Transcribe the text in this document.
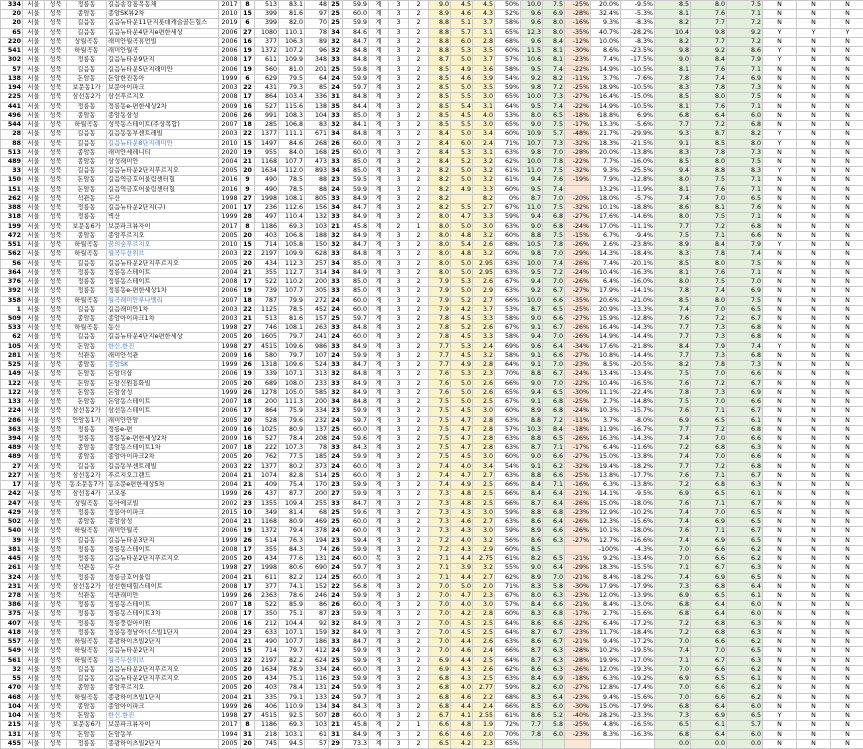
334	서울	성북	정릉동	길음송강홍복동채	2017	8	513	83.1	48	25	59.9	계	3	2	9.0	4.5	4.5	50%	10.0	7.5	-25%	20.0%	-9.5%	8.5	8.0	7.5	N	N	N
20	서울	성북	종암동	종암SK뷰2차	2010	15	399	81.6	97	25	60.0	계	3	2	8.9	4.6	4.3	52%	9.6	6.9	-28%	32.4%	-5.3%	8.1	7.6	7.1	N	N	N
20	서울	성북	길음동	길음뉴타운11단지롯데캐슬골든힐스	2019	6	399	82.0	70	25	59.9	계	3	2	8.8	5.1	3.7	58%	9.6	8.0	-16%	9.3%	-8.3%	8.2	7.7	7.2	N	N	N
65	서울	성북	길음동	길음뉴타운4단지e편한세상	2006	27	1080	110.1	78	34	84.6	계	3	2	8.8	5.7	3.1	65%	12.3	8.0	-35%	40.7%	-28.2%	10.4	9.8	9.2	Y	Y	Y
220	서울	성북	상월곡동	래미안월곡휴먼빌	2006	16	377	106.3	89	32	84.7	계	3	2	8.8	6.0	2.8	68%	9.6	8.4	-12%	10.0%	-8.3%	8.2	7.7	7.2	N	N	N
541	서울	성북	하월곡동	래미안월곡	2006	19	1372	107.2	96	32	84.8	계	3	2	8.8	5.3	3.5	60%	11.5	8.1	-30%	8.6%	-23.5%	9.8	9.2	8.6	Y	N	N
302	서울	성북	정릉동	길음뉴타운9단지	2008	17	611	109.9	348	33	84.8	계	3	2	8.7	5.0	3.7	57%	10.6	8.1	-23%	7.4%	-17.5%	9.0	8.4	7.9	Y	N	N
57	서울	성북	길음동	길음뉴타운5단지래미안	2006	19	560	81.0	201	25	59.8	계	3	2	8.5	4.9	3.6	58%	9.5	7.4	-22%	14.9%	-10.5%	8.1	7.6	7.1	N	N	N
138	서울	성북	돈암동	돈암한진동아	1999	6	629	79.5	64	24	59.9	계	3	2	8.5	4.6	3.9	54%	9.2	8.2	-11%	3.7%	-7.6%	7.8	7.4	6.9	N	N	N
194	서울	성북	보문동1가	보문아이파크	2003	22	431	79.3	85	24	59.7	계	3	2	8.5	5.0	3.5	59%	9.8	7.2	-25%	18.9%	-10.5%	8.3	7.8	7.3	N	N	N
225	서울	성북	삼선동2가	삼선푸르지오	2008	17	864	103.4	336	31	84.8	계	3	2	8.5	5.5	3.0	65%	10.0	7.3	-27%	16.4%	-15.0%	8.5	8.0	7.5	N	N	N
441	서울	성북	정릉동	정릉동e-편한세상2차	2009	16	527	115.6	138	35	84.4	계	3	2	8.5	5.4	3.1	64%	9.5	7.4	-22%	14.9%	-10.5%	8.1	7.6	7.1	N	N	N
496	서울	성북	종암동	종암동삼성	2006	26	991	108.3	104	33	85.0	계	3	2	8.5	4.5	4.0	53%	8.0	6.5	-18%	18.8%	6.9%	6.8	6.4	6.0	N	N	N
544	서울	성북	하월곡동	성북동스테이트(주상복합)	2007	18	285	106.8	83	32	84.1	계	3	2	8.5	5.5	3.0	65%	9.0	7.5	-17%	13.3%	-5.6%	7.7	7.2	6.8	N	N	N
28	서울	성북	길음동	길음동동부센트레빌	2003	22	1377	111.1	671	34	84.8	계	3	2	8.4	5.0	3.4	60%	10.9	5.7	-48%	21.7%	-29.9%	9.3	8.7	8.2	Y	N	N
88	서울	성북	길음동	길음뉴타운8단지래미안	2010	15	1497	84.6	268	26	60.0	계	3	2	8.4	6.0	2.4	71%	10.7	7.3	-32%	18.3%	-21.5%	9.1	8.5	8.0	Y	N	N
513	서울	성북	종암동	래미안세레니티	2020	19	955	84.0	168	25	60.0	계	3	2	8.4	5.3	3.1	63%	9.8	7.0	-28%	20.0%	-13.8%	8.3	7.8	7.3	N	N	N
489	서울	성북	종암동	삼성래미안	2004	21	1168	107.7	473	33	85.0	계	3	2	8.4	5.2	3.2	62%	10.0	7.8	-22%	7.7%	-16.0%	8.5	8.0	7.5	N	N	N
33	서울	성북	길음동	길음뉴타운2단지푸르지오	2005	20	1634	112.0	893	34	85.0	계	3	2	8.2	5.0	3.2	61%	11.0	7.5	-32%	9.3%	-25.5%	9.4	8.8	8.3	Y	N	N
150	서울	성북	돈암동	길음역금호어울림센터힐	2016	9	490	78.5	88	23	59.5	계	3	2	8.2	5.0	3.2	61%	9.4	7.6	-19%	7.9%	-12.8%	8.0	7.5	7.1	N	N	N
151	서울	성북	돈암동	길음역금호어울림센터힐	2016	9	490	78.5	88	24	59.9	계	3	2	8.2	4.9	3.3	60%	9.5	7.4		13.2%	-11.9%	8.1	7.6	7.1	N	N	N
262	서울	성북	석관동	두산	1998	27	1998	108.1	805	33	84.9	계	3	2	8.2		8.2	0%	8.7	7.0	-20%	18.0%	-5.7%	7.4	7.0	6.5	N	N	N
388	서울	성북	정릉동	길음뉴타운2단지(구)	2001	17	236	112.6	156	34	84.7	계	3	2	8.2	5.5	2.7	67%	11.0	7.5	-32%	10.1%	-18.8%	8.6	8.1	7.6	N	N	N
318	서울	성북	정릉동	벽산	1999	28	497	110.4	132	33	84.9	계	3	2	8.0	4.7	3.3	59%	9.4	6.8	-27%	17.6%	-14.6%	8.0	7.5	7.1	N	N	N
199	서울	성북	보문동6가	보문파크뷰자이	2017	8	1186	69.3	103	21	45.8	계	2	1	8.0	5.0	3.0	63%	9.0	6.8	-24%	17.0%	-11.1%	7.7	7.2	6.8	N	N	N
472	서울	성북	종암동	종암푸르지오	2005	20	403	106.8	188	32	84.9	계	3	2	8.0	4.8	3.2	60%	8.8	7.5	-15%	6.7%	-9.4%	7.5	7.1	6.6	N	N	N
551	서울	성북	하월곡동	꿈의숲푸르지오	2010	15	714	105.8	150	32	84.7	계	3	2	8.0	5.4	2.6	68%	10.5	7.8	-26%	2.6%	-23.8%	8.9	8.4	7.9	Y	N	N
562	서울	성북	하월곡동	월곡두산위브	2003	22	2197	109.9	628	33	84.8	계	3	2	8.0	4.8	3.2	60%	9.8	7.0	-29%	14.3%	-18.4%	8.3	7.8	7.4	N	N	N
56	서울	성북	길음동	길음뉴타운2단지푸르지오	2005	20	434	112.3	257	34	85.0	계	3	2	8.0	5.0	2.95	63%	10.0	7.4	-26%	7.4%	-20.1%	8.5	8.0	7.5	N	N	N
364	서울	성북	정릉동	정릉동스테이트	2004	21	355	112.7	314	34	84.9	계	3	2	8.0	5.0	2.95	63%	9.5	7.2	-24%	10.4%	-16.3%	8.1	7.6	7.1	N	N	N
376	서울	성북	정릉동	정릉동스테이트	2008	17	522	110.2	200	33	85.0	계	3	2	7.9	5.3	2.6	67%	9.4	7.0	-26%	6.4%	-16.0%	8.0	7.5	7.0	N	N	N
392	서울	성북	정릉동	정릉동e-편한세상1차	2006	19	739	107.7	305	33	85.0	계	3	2	7.9	5.0	2.9	63%	9.2	6.7	-27%	17.9%	-14.1%	7.8	7.4	6.9	N	N	N
358	서울	성북	하월곡동	월곡래미안루나밸리	2007	18	787	79.9	272	24	60.0	계	3	2	7.9	5.2	2.7	66%	10.0	6.6	-35%	20.6%	-21.0%	8.5	8.0	7.5	N	N	N
1	서울	성북	길음동	길음래미안1차	2003	22	1125	78.5	452	24	60.0	계	3	2	7.9	4.2	3.7	53%	8.7	6.5	-25%	20.9%	-13.3%	7.4	7.0	6.5	N	N	N
509	서울	성북	종암동	종암아이파크1차	2003	21	513	81.6	157	25	59.7	계	3	2	7.8	4.5	3.3	58%	9.0	6.6	-27%	15.9%	-12.8%	7.6	7.2	6.7	N	N	N
533	서울	성북	하월곡동	동신	1998	27	746	108.1	263	33	84.8	계	3	2	7.8	5.2	2.6	67%	9.1	6.7	-26%	16.4%	-14.3%	7.7	7.3	6.8	N	N	N
62	서울	성북	길음동	길음뉴타운4단지e편한세상	2005	20	1605	79.7	241	24	60.0	계	3	2	7.8	4.5	3.3	58%	9.4	7.0	-26%	14.9%	-14.4%	7.7	7.3	6.8	N	N	N
105	서울	성북	돈암동	한신.한진	1998	27	4515	109.6	986	33	84.9	계	3	2	7.7	5.3	2.4	69%	9.6	6.4	-34%	17.6%	-21.8%	8.4	7.9	7.4	Y	N	N
281	서울	성북	석관동	래미안석관	2009	16	580	79.7	107	24	59.9	계	3	2	7.7	4.5	3.2	58%	9.1	6.6	-27%	10.8%	-14.4%	7.7	7.3	6.8	N	N	N
525	서울	성북	종암동	종암SK	1999	26	1318	109.6	524	33	84.7	계	3	2	7.7	4.9	2.8	64%	9.1	7.0	-23%	8.5%	-20.5%	8.2	7.8	7.3	N	N	N
149	서울	성북	돈암동	돈암더샵	2006	19	339	107.1	313	32	84.8	계	3	2	7.6	5.3	2.3	70%	8.8	6.7	-24%	13.4%	-13.4%	7.5	7.0	6.6	N	N	N
122	서울	성북	돈암동	돈암신원흥화빌	2005	20	689	108.0	233	33	84.9	계	3	2	7.6	5.0	2.6	66%	9.0	7.0	-22%	10.4%	-16.5%	7.6	7.2	6.7	N	N	N
122	서울	성북	돈암동	돈암삼성	1999	26	1278	105.0	585	32	84.9	계	3	2	7.6	5.0	2.6	65%	9.4	6.5	-30%	11.1%	-22.4%	7.8	7.3	6.9	N	N	N
133	서울	성북	돈암동	돈암동스테이트	2007	18	200	111.3	200	34	84.8	계	3	2	7.5	5.0	2.5	67%	9.1	6.8	-25%	2.7%	-14.8%	7.5	7.0	6.6	N	N	N
224	서울	성북	삼선동2가	삼선동스테이트	2006	17	864	75.9	334	23	59.9	계	3	2	7.5	4.5	3.0	60%	8.9	6.8	-24%	10.3%	-15.7%	7.6	7.1	6.7	N	N	N
286	서울	성북	안암동1가	래미안안암	2005	20	528	79.6	232	24	59.7	계	3	2	7.5	4.7	2.8	63%	8.8	7.2	-11%	3.7%	-8.0%	6.9	6.5	6.1	N	N	N
363	서울	성북	정릉동	정릉e-편	2009	16	1025	80.9	137	25	60.0	계	3	2	7.5	4.7	2.8	57%	10.3	8.4	-18%	11.9%	-16.7%	7.7	7.2	6.8	N	N	N
394	서울	성북	정릉동	정릉동e-편한세상2차	2009	16	527	78.4	208	24	59.6	계	3	2	7.5	4.7	2.8	63%	8.8	6.5	-26%	16.3%	-14.3%	7.4	7.0	6.6	N	N	N
489	서울	성북	종암동	종암동스테이트1차	2007	18	222	107.3	78	33	84.3	계	3	2	7.5	4.7	2.8	63%	8.7	7.1	-17%	6.4%	-11.6%	7.2	6.8	6.3	N	N	N
489	서울	성북	종암동	종암아이파크2차	2005	20	762	77.5	185	24	59.9	계	3	2	7.5	4.5	3.0	60%	9.0	6.6	-27%	15.0%	-13.8%	7.4	7.0	6.6	N	N	N
27	서울	성북	길음동	길음동부센트레빌	2003	22	1377	80.2	373	24	60.0	계	3	2	7.4	4.0	3.4	54%	9.1	6.2	-32%	19.4%	-18.2%	7.7	7.2	6.8	N	N	N
227	서울	성북	삼선동2가	푸르지오그랜드	2004	21	1074	82.8	514	25	60.0	계	3	2	7.4	4.7	2.7	63%	8.8	6.6	-25%	13.8%	-17.7%	7.6	7.1	6.7	N	N	N
17	서울	성북	동소문동7가	동소문e편한세상5차	2004	21	409	75.4	170	23	59.9	계	3	2	7.4	4.9	2.5	66%	8.4	7.1	-16%	6.3%	-13.8%	7.2	6.8	6.3	N	N	N
242	서울	성북	삼선동4가	코오롱	1999	26	437	87.7	200	27	59.9	계	3	2	7.3	4.8	2.5	66%	8.4	6.4	-21%	14.1%	-9.5%	6.9	6.5	6.1	N	N	N
247	서울	성북	상월곡동	동아에코빌	2002	23	1355	109.4	255	33	84.7	계	3	2	7.3	4.8	2.5	66%	8.7	6.4	-26%	15.0%	-18.0%	7.6	7.1	6.7	N	N	N
429	서울	성북	정릉동	정릉아이파크	2015	10	349	81.4	68	25	59.6	계	3	2	7.3	4.3	3.0	59%	8.8	6.8	-23%	12.9%	-10.2%	7.4	7.0	6.5	N	N	N
502	서울	성북	종암동	종암삼성	2004	21	1168	80.9	469	25	60.0	계	3	2	7.3	4.6	2.7	63%	8.6	6.4	-26%	12.3%	-15.6%	7.4	6.9	6.5	N	N	N
540	서울	성북	하월곡동	래미안월곡	2006	19	1372	79.4	378	24	60.0	계	3	2	7.3	4.3	3.0	59%	8.9	6.6	-26%	10.1%	-18.0%	7.6	7.1	6.7	N	N	N
39	서울	성북	길음동	길음뉴타운3단지	1999	26	514	76.3	194	23	59.4	계	3	2	7.2	4.0	3.2	56%	8.6	6.3	-27%	12.7%	-16.6%	7.4	6.9	6.5	N	N	N
381	서울	성북	정릉동	정릉동스테이트	2008	17	355	84.3	74	26	59.9	계	3	2	7.2	4.3	2.9	60%	8.5			-100%	-4.3%	7.0	6.6	6.2	N	N	N
445	서울	성북	정릉동	길음뉴타운2단지푸르지오	2005	20	434	77.6	131	24	60.0	복	3	2	7.1	4.4	2.75	61%	8.2	6.5	-21%	9.2%	-13.4%	7.0	6.6	6.2	N	N	N
261	서울	성북	석관동	두산	1998	27	1998	80.6	690	24	59.7	계	3	2	7.1	3.9	3.2	55%	9.0	6.4	-29%	18.3%	-15.5%	7.1	6.7	6.3	N	N	N
324	서울	성북	정릉동	정릉금호어울림	2004	21	611	82.2	124	25	60.0	계	3	2	7.1	4.4	2.7	62%	8.9	7.0	-21%	8.4%	-18.2%	7.4	6.9	6.5	N	N	N
231	서울	성북	삼선동2가	삼선현대힐스테이트	2008	17	377	74.1	152	22	56.8	계	3	2	7.0	5.0	2.0	71%	8.3	5.8	-30%	17.9%	-17.9%	7.3	6.8	6.4	N	N	N
278	서울	성북	석관동	석관래미안	1999	26	2363	78.6	246	24	59.9	계	3	2	7.0	4.7	2.3	67%	8.0	6.3	-23%	12.0%	-13.9%	6.9	6.5	6.1	N	N	N
386	서울	성북	정릉동	정릉동스테이트	2007	18	522	85.9	86	26	60.0	계	3	2	7.0	4.0	3.0	57%	8.4	6.6	-21%	8.4%	-13.0%	6.8	6.4	6.0	N	N	N
375	서울	성북	정릉동	정릉동스테이트3차	2008	17	350	75.1	87	23	59.9	계	3	2	7.0	4.2	2.8	60%	8.3	6.8	-17%	2.7%	-15.6%	6.8	6.4	6.0	N	N	N
407	서울	성북	정릉동	정릉풍림아이원	2006	16	212	104.4	92	32	84.9	계	3	2	7.0	4.5	2.5	64%	8.6	6.6	-22%	6.4%	-17.2%	7.2	6.8	6.3	N	N	N
418	서울	성북	정릉동	정릉동경남아너스빌1단지	2004	23	633	107.1	159	32	84.9	계	3	2	7.0	4.5	2.5	64%	8.7	6.7	-23%	11.7%	-18.4%	7.2	6.8	6.3	N	N	N
557	서울	성북	하월곡동	종광하이츠빌2단지	2004	21	490	107.7	186	33	84.7	계	3	2	7.0	4.4	2.6	63%	8.6	6.7	-21%	9.4%	-17.2%	7.0	6.6	6.2	N	N	N
549	서울	성북	하월곡동	길음뉴타운2단지	2005	15	714	79.7	412	24	59.9	계	3	2	7.0	4.6	2.4	66%	8.7	6.3	-28%	10.2%	-19.5%	7.4	7.0	6.5	N	N	N
561	서울	성북	하월곡동	월곡두산위브	2003	22	2197	82.2	624	25	59.9	계	3	2	6.9	4.4	2.5	64%	8.7	6.3	-28%	19.9%	-17.0%	7.1	6.7	6.3	N	N	N
32	서울	성북	길음동	길음뉴타운2단지푸르지오	2005	20	1634	78.9	334	24	60.0	계	3	2	6.9	4.3	2.6	62%	8.6	6.3	-26%	12.0%	-19.3%	7.0	6.6	6.2	N	N	N
55	서울	성북	길음동	길음뉴타운2단지푸르지오	2005	20	434	75.1	116	23	59.9	계	3	2	6.8	4.3	2.5	63%	8.4	6.9	-18%	6.3%	-19.2%	6.9	6.5	6.1	N	N	N
470	서울	성북	종암동	종암푸르지오	2005	20	403	78.4	131	24	59.9	계	3	2	6.8	4.0	2.77	59%	8.2	6.0	-27%	12.8%	-17.4%	7.0	6.6	6.2	N	N	N
468	서울	성북	하월곡동	종광하이츠빌1단지	2004	21	335	79.1	133	24	59.7	계	3	2	6.8	4.6	2.2	68%	8.3	6.4	-23%	9.4%	-15.6%	7.0	6.6	6.2	N	N	N
104	서울	성북	종암동	종암아이파크	1999	26	406	110.9	134	34	84.3	계	3	2	6.8	4.4	2.4	66%	8.5	6.0	-30%	15.0%	-17.9%	6.8	6.4	6.0	N	N	N
104	서울	성북	돈암동	한신.한진	1998	27	4515	92.5	507	28	60.0	계	3	2	6.7	4.1	2.55	61%	8.6	5.2	-40%	28.2%	-23.3%	7.3	6.9	6.5	Y	N	N
215	서울	성북	보문동6가	보문파크뷰자이	2017	8	1186	69.3	103	21	45.8	계	2	1	6.6	4.8	1.9	72%	7.7	5.8	-25%	4.8%	-16.5%	6.5	6.1	5.7	N	N	N
131	서울	성북	돈암동	돈암동부	1994	31	218	103.1	61	31	84.9	계	3	2	6.6	4.6	2.0	70%	7.8	6.0	-23%	8.3%	-16.3%	6.8	6.4	6.0	N	N	N
455	서울	성북	정릉동	종광하이츠빌2단지	2005	20	745	94.5	57	29	73.3	계	3	2	6.5	4.2	2.3	65%						0.0	0.0	0.0	N	N	N
